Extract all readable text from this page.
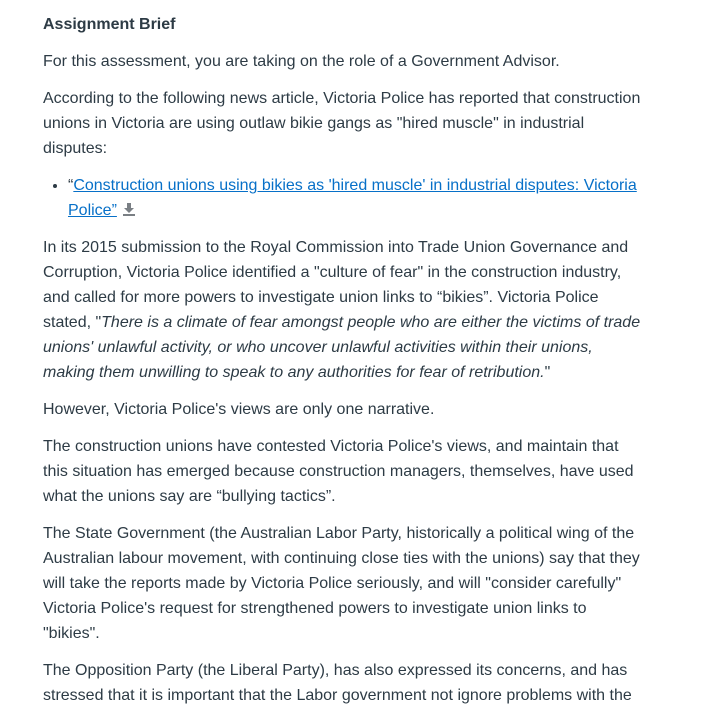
Assignment Brief

For this assessment, you are taking on the role of a Government Advisor.

According to the following news article, Victoria Police has reported that construction unions in Victoria are using outlaw bikie gangs as "hired muscle" in industrial disputes:

• “Construction unions using bikies as 'hired muscle' in industrial disputes: Victoria Police”

In its 2015 submission to the Royal Commission into Trade Union Governance and Corruption, Victoria Police identified a "culture of fear" in the construction industry, and called for more powers to investigate union links to “bikies”. Victoria Police stated, "There is a climate of fear amongst people who are either the victims of trade unions' unlawful activity, or who uncover unlawful activities within their unions, making them unwilling to speak to any authorities for fear of retribution."

However, Victoria Police's views are only one narrative.

The construction unions have contested Victoria Police's views, and maintain that this situation has emerged because construction managers, themselves, have used what the unions say are “bullying tactics”.

The State Government (the Australian Labor Party, historically a political wing of the Australian labour movement, with continuing close ties with the unions) say that they will take the reports made by Victoria Police seriously, and will "consider carefully" Victoria Police's request for strengthened powers to investigate union links to "bikies".

The Opposition Party (the Liberal Party), has also expressed its concerns, and has stressed that it is important that the Labor government not ignore problems with the
